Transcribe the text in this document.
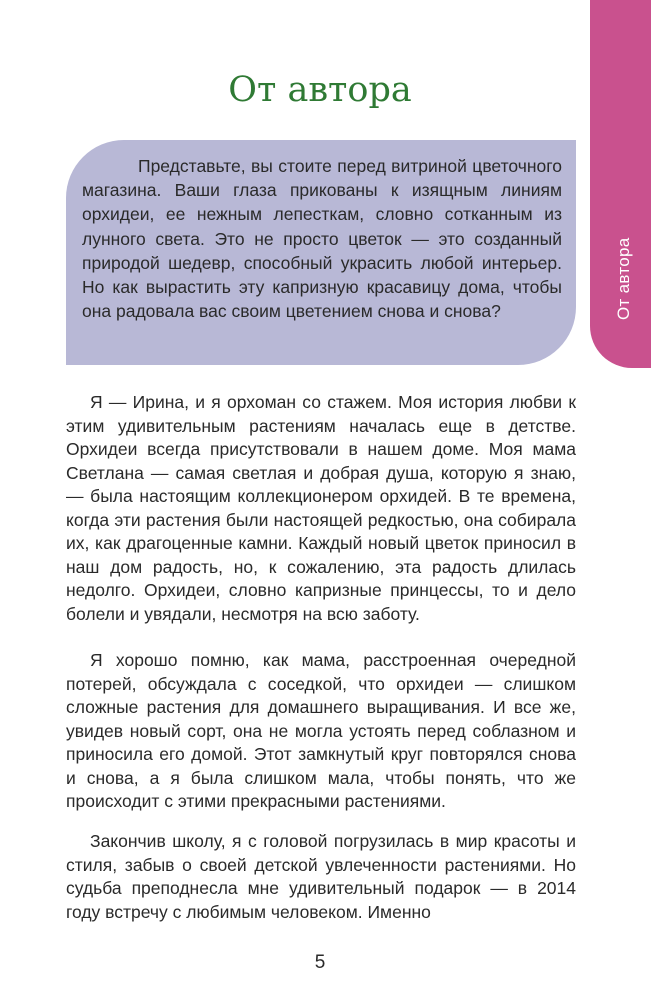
От автора
От автора

Представьте, вы стоите перед витриной цветочного магазина. Ваши глаза прикованы к изящным линиям орхидеи, ее нежным лепесткам, словно сотканным из лунного света. Это не просто цветок — это созданный природой шедевр, способный украсить любой интерьер. Но как вырастить эту капризную красавицу дома, чтобы она радовала вас своим цветением снова и снова?

Я — Ирина, и я орхоман со стажем. Моя история любви к этим удивительным растениям началась еще в детстве. Орхидеи всегда присутствовали в нашем доме. Моя мама Светлана — самая светлая и добрая душа, которую я знаю, — была настоящим коллекционером орхидей. В те времена, когда эти растения были настоящей редкостью, она собирала их, как драгоценные камни. Каждый новый цветок приносил в наш дом радость, но, к сожалению, эта радость длилась недолго. Орхидеи, словно капризные принцессы, то и дело болели и увядали, несмотря на всю заботу.

Я хорошо помню, как мама, расстроенная очередной потерей, обсуждала с соседкой, что орхидеи — слишком сложные растения для домашнего выращивания. И все же, увидев новый сорт, она не могла устоять перед соблазном и приносила его домой. Этот замкнутый круг повторялся снова и снова, а я была слишком мала, чтобы понять, что же происходит с этими прекрасными растениями.

Закончив школу, я с головой погрузилась в мир красоты и стиля, забыв о своей детской увлеченности растениями. Но судьба преподнесла мне удивительный подарок — в 2014 году встречу с любимым человеком. Именно

5
